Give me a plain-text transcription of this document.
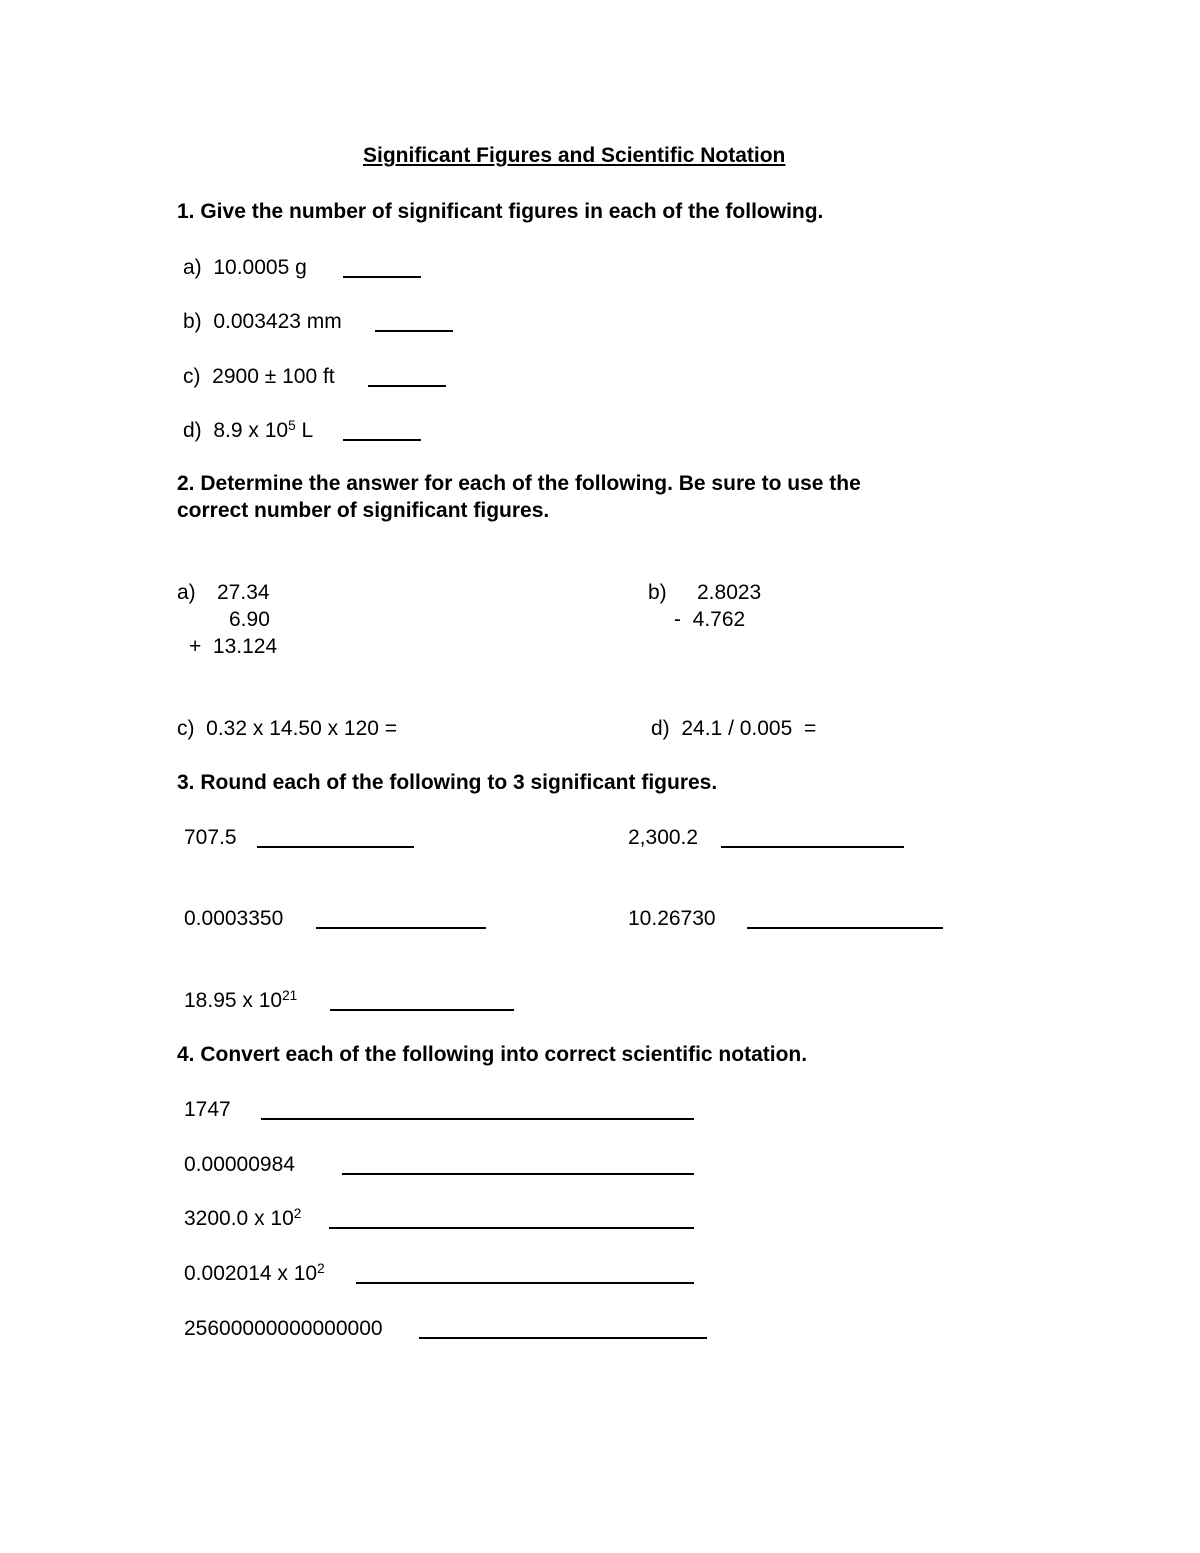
Significant Figures and Scientific Notation
1. Give the number of significant figures in each of the following.
a) 10.0005 g
b) 0.003423 mm
c) 2900 ± 100 ft
d) 8.9 x $10^5$ L
2. Determine the answer for each of the following. Be sure to use the
correct number of significant figures.
a) 27.34
6.90
+  13.124
b) 2.8023
-  4.762
c) 0.32 x 14.50 x 120 =	d) 24.1 / 0.005  =
3. Round each of the following to 3 significant figures.
707.5	2,300.2
0.0003350	10.26730
18.95 x $10^{21}$
4. Convert each of the following into correct scientific notation.
1747
0.00000984
3200.0 x $10^2$
0.002014 x $10^2$
25600000000000000
